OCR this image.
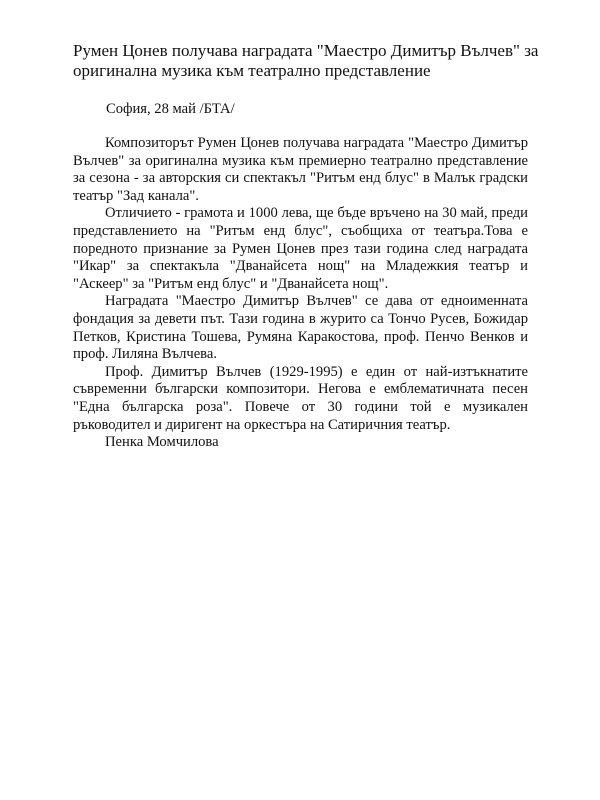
Румен Цонев получава наградата "Маестро Димитър Вълчев" за оригинална музика към театрално представление

София, 28 май /БТА/

Композиторът Румен Цонев получава наградата "Маестро Димитър Вълчев" за оригинална музика към премиерно театрално представление за сезона - за авторския си спектакъл "Ритъм енд блус" в Малък градски театър "Зад канала".

Отличието - грамота и 1000 лева, ще бъде връчено на 30 май, преди представлението на "Ритъм енд блус", съобщиха от театъра.Това е поредното признание за Румен Цонев през тази година след наградата "Икар" за спектакъла "Дванайсета нощ" на Младежкия театър и "Аскеер" за "Ритъм енд блус" и "Дванайсета нощ".

Наградата "Маестро Димитър Вълчев" се дава от едноименната фондация за девети път. Тази година в журито са Тончо Русев, Божидар Петков, Кристина Тошева, Румяна Каракостова, проф. Пенчо Венков и проф. Лиляна Вълчева.

Проф. Димитър Вълчев (1929-1995) е един от най-изтъкнатите съвременни български композитори. Негова е емблематичната песен "Една българска роза". Повече от 30 години той е музикален ръководител и диригент на оркестъра на Сатиричния театър.

Пенка Момчилова
